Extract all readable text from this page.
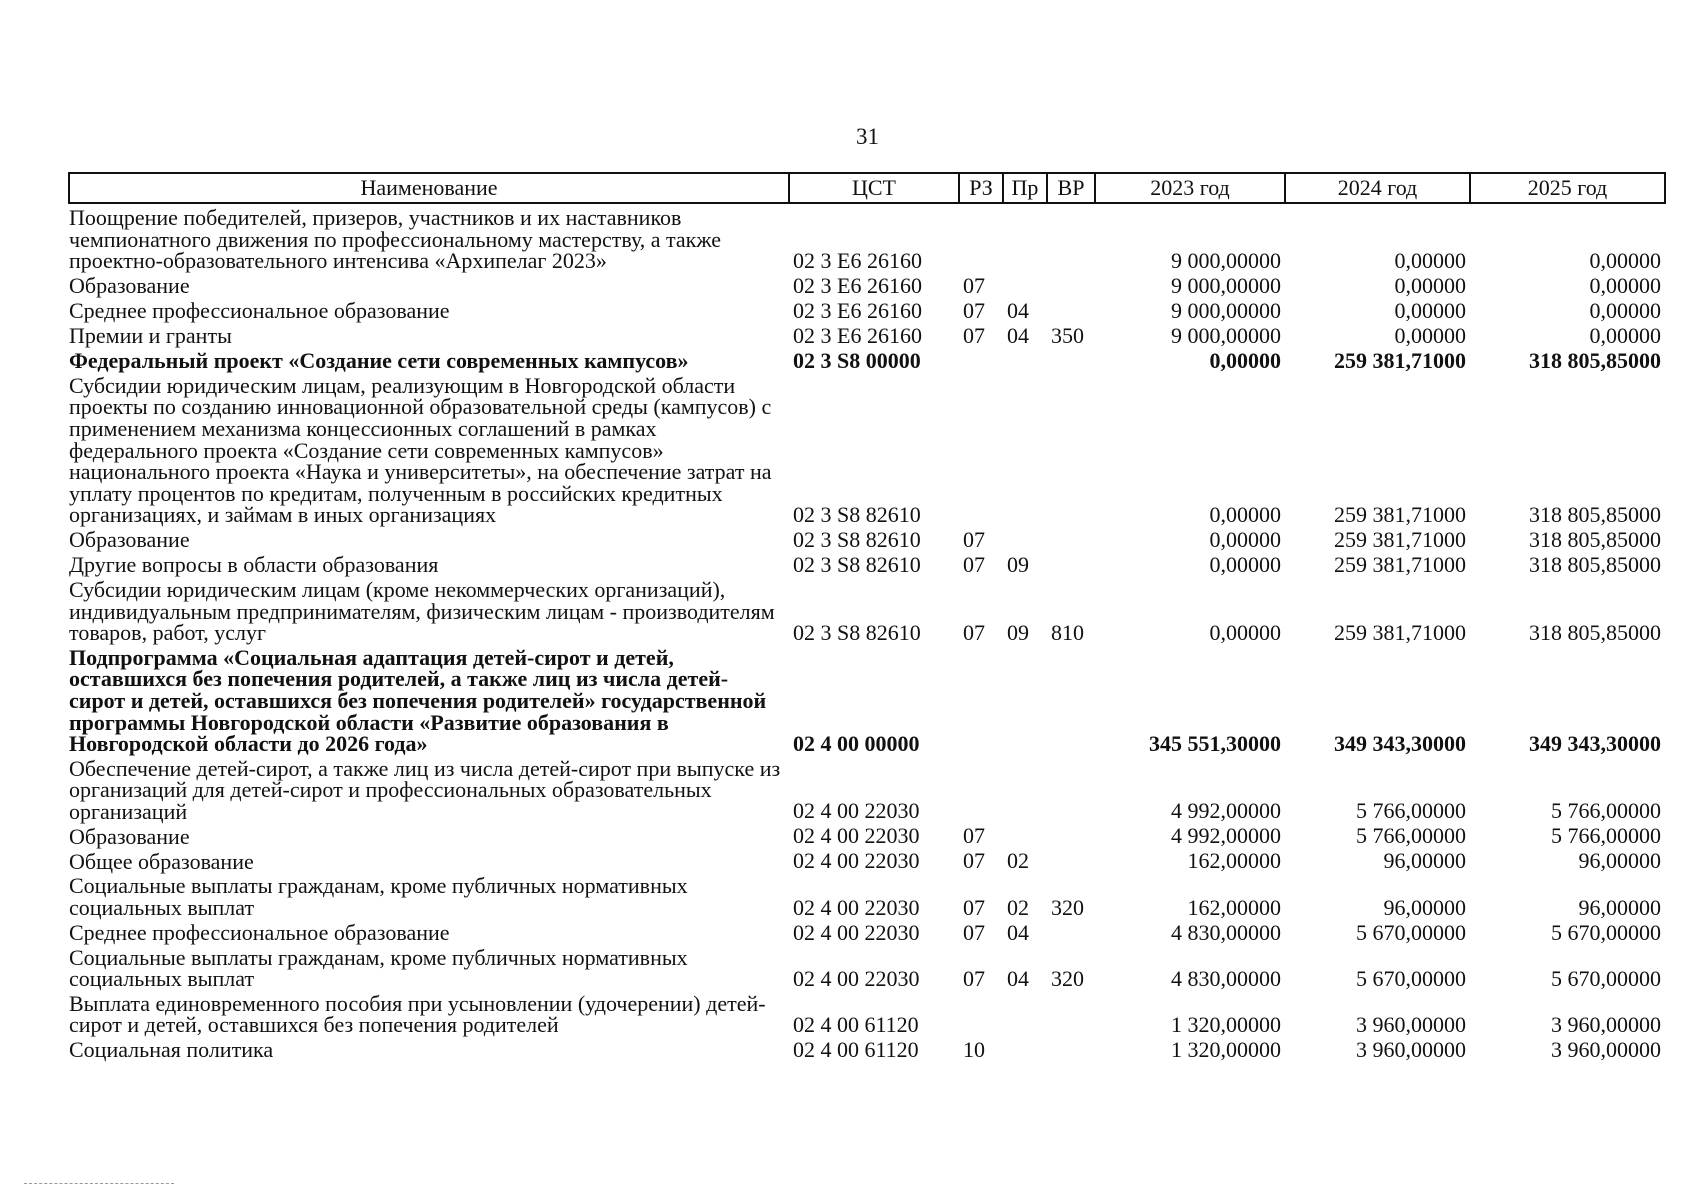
31
Наименование	ЦСТ	РЗ	Пр	ВР	2023 год	2024 год	2025 год
Поощрение победителей, призеров, участников и их наставников чемпионатного движения по профессиональному мастерству, а также проектно-образовательного интенсива «Архипелаг 2023»	02 3 Е6 26160				9 000,00000	0,00000	0,00000
Образование	02 3 Е6 26160	07			9 000,00000	0,00000	0,00000
Среднее профессиональное образование	02 3 Е6 26160	07	04		9 000,00000	0,00000	0,00000
Премии и гранты	02 3 Е6 26160	07	04	350	9 000,00000	0,00000	0,00000
Федеральный проект «Создание сети современных кампусов»	02 3 S8 00000				0,00000	259 381,71000	318 805,85000
Субсидии юридическим лицам, реализующим в Новгородской области проекты по созданию инновационной образовательной среды (кампусов) с применением механизма концессионных соглашений в рамках федерального проекта «Создание сети современных кампусов» национального проекта «Наука и университеты», на обеспечение затрат на уплату процентов по кредитам, полученным в российских кредитных организациях, и займам в иных организациях	02 3 S8 82610				0,00000	259 381,71000	318 805,85000
Образование	02 3 S8 82610	07			0,00000	259 381,71000	318 805,85000
Другие вопросы в области образования	02 3 S8 82610	07	09		0,00000	259 381,71000	318 805,85000
Субсидии юридическим лицам (кроме некоммерческих организаций), индивидуальным предпринимателям, физическим лицам - производителям товаров, работ, услуг	02 3 S8 82610	07	09	810	0,00000	259 381,71000	318 805,85000
Подпрограмма «Социальная адаптация детей-сирот и детей, оставшихся без попечения родителей, а также лиц из числа детей-сирот и детей, оставшихся без попечения родителей» государственной программы Новгородской области «Развитие образования в Новгородской области до 2026 года»	02 4 00 00000				345 551,30000	349 343,30000	349 343,30000
Обеспечение детей-сирот, а также лиц из числа детей-сирот при выпуске из организаций для детей-сирот и профессиональных образовательных организаций	02 4 00 22030				4 992,00000	5 766,00000	5 766,00000
Образование	02 4 00 22030	07			4 992,00000	5 766,00000	5 766,00000
Общее образование	02 4 00 22030	07	02		162,00000	96,00000	96,00000
Социальные выплаты гражданам, кроме публичных нормативных социальных выплат	02 4 00 22030	07	02	320	162,00000	96,00000	96,00000
Среднее профессиональное образование	02 4 00 22030	07	04		4 830,00000	5 670,00000	5 670,00000
Социальные выплаты гражданам, кроме публичных нормативных социальных выплат	02 4 00 22030	07	04	320	4 830,00000	5 670,00000	5 670,00000
Выплата единовременного пособия при усыновлении (удочерении) детей-сирот и детей, оставшихся без попечения родителей	02 4 00 61120				1 320,00000	3 960,00000	3 960,00000
Социальная политика	02 4 00 61120	10			1 320,00000	3 960,00000	3 960,00000
